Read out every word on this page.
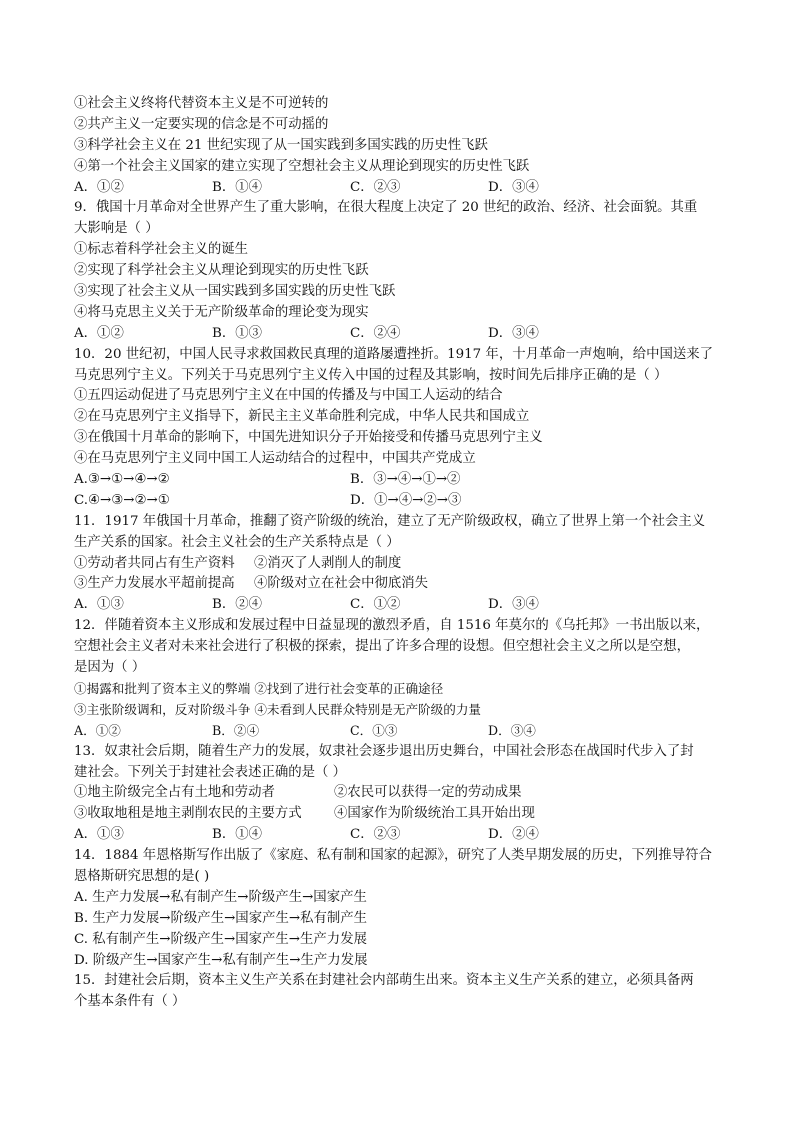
①社会主义终将代替资本主义是不可逆转的
②共产主义一定要实现的信念是不可动摇的
③科学社会主义在 21 世纪实现了从一国实践到多国实践的历史性飞跃
④第一个社会主义国家的建立实现了空想社会主义从理论到现实的历史性飞跃
A．①②	B．①④	C．②③	D．③④
9．俄国十月革命对全世界产生了重大影响，在很大程度上决定了 20 世纪的政治、经济、社会面貌。其重
大影响是（ ）
①标志着科学社会主义的诞生
②实现了科学社会主义从理论到现实的历史性飞跃
③实现了社会主义从一国实践到多国实践的历史性飞跃
④将马克思主义关于无产阶级革命的理论变为现实
A．①②	B．①③	C．②④	D．③④
10．20 世纪初，中国人民寻求救国救民真理的道路屡遭挫折。1917 年，十月革命一声炮响，给中国送来了
马克思列宁主义。下列关于马克思列宁主义传入中国的过程及其影响，按时间先后排序正确的是（ ）
①五四运动促进了马克思列宁主义在中国的传播及与中国工人运动的结合
②在马克思列宁主义指导下，新民主主义革命胜利完成，中华人民共和国成立
③在俄国十月革命的影响下，中国先进知识分子开始接受和传播马克思列宁主义
④在马克思列宁主义同中国工人运动结合的过程中，中国共产党成立
A.③→①→④→②	B．③→④→①→②
C.④→③→②→①	D．①→④→②→③
11．1917 年俄国十月革命，推翻了资产阶级的统治，建立了无产阶级政权，确立了世界上第一个社会主义
生产关系的国家。社会主义社会的生产关系特点是（ ）
①劳动者共同占有生产资料	②消灭了人剥削人的制度
③生产力发展水平超前提高	④阶级对立在社会中彻底消失
A．①③	B．②④	C．①②	D．③④
12．伴随着资本主义形成和发展过程中日益显现的激烈矛盾，自 1516 年莫尔的《乌托邦》一书出版以来，
空想社会主义者对未来社会进行了积极的探索，提出了许多合理的设想。但空想社会主义之所以是空想，
是因为（ ）
①揭露和批判了资本主义的弊端 ②找到了进行社会变革的正确途径
③主张阶级调和，反对阶级斗争 ④未看到人民群众特别是无产阶级的力量
A．①②	B．②④	C．①③	D．③④
13．奴隶社会后期，随着生产力的发展，奴隶社会逐步退出历史舞台，中国社会形态在战国时代步入了封
建社会。下列关于封建社会表述正确的是（ ）
①地主阶级完全占有土地和劳动者	②农民可以获得一定的劳动成果
③收取地租是地主剥削农民的主要方式	④国家作为阶级统治工具开始出现
A．①③	B．①④	C．②③	D．②④
14．1884 年恩格斯写作出版了《家庭、私有制和国家的起源》，研究了人类早期发展的历史，下列推导符合
恩格斯研究思想的是( )
A. 生产力发展→私有制产生→阶级产生→国家产生
B. 生产力发展→阶级产生→国家产生→私有制产生
C. 私有制产生→阶级产生→国家产生→生产力发展
D. 阶级产生→国家产生→私有制产生→生产力发展
15．封建社会后期，资本主义生产关系在封建社会内部萌生出来。资本主义生产关系的建立，必须具备两
个基本条件有（ ）
